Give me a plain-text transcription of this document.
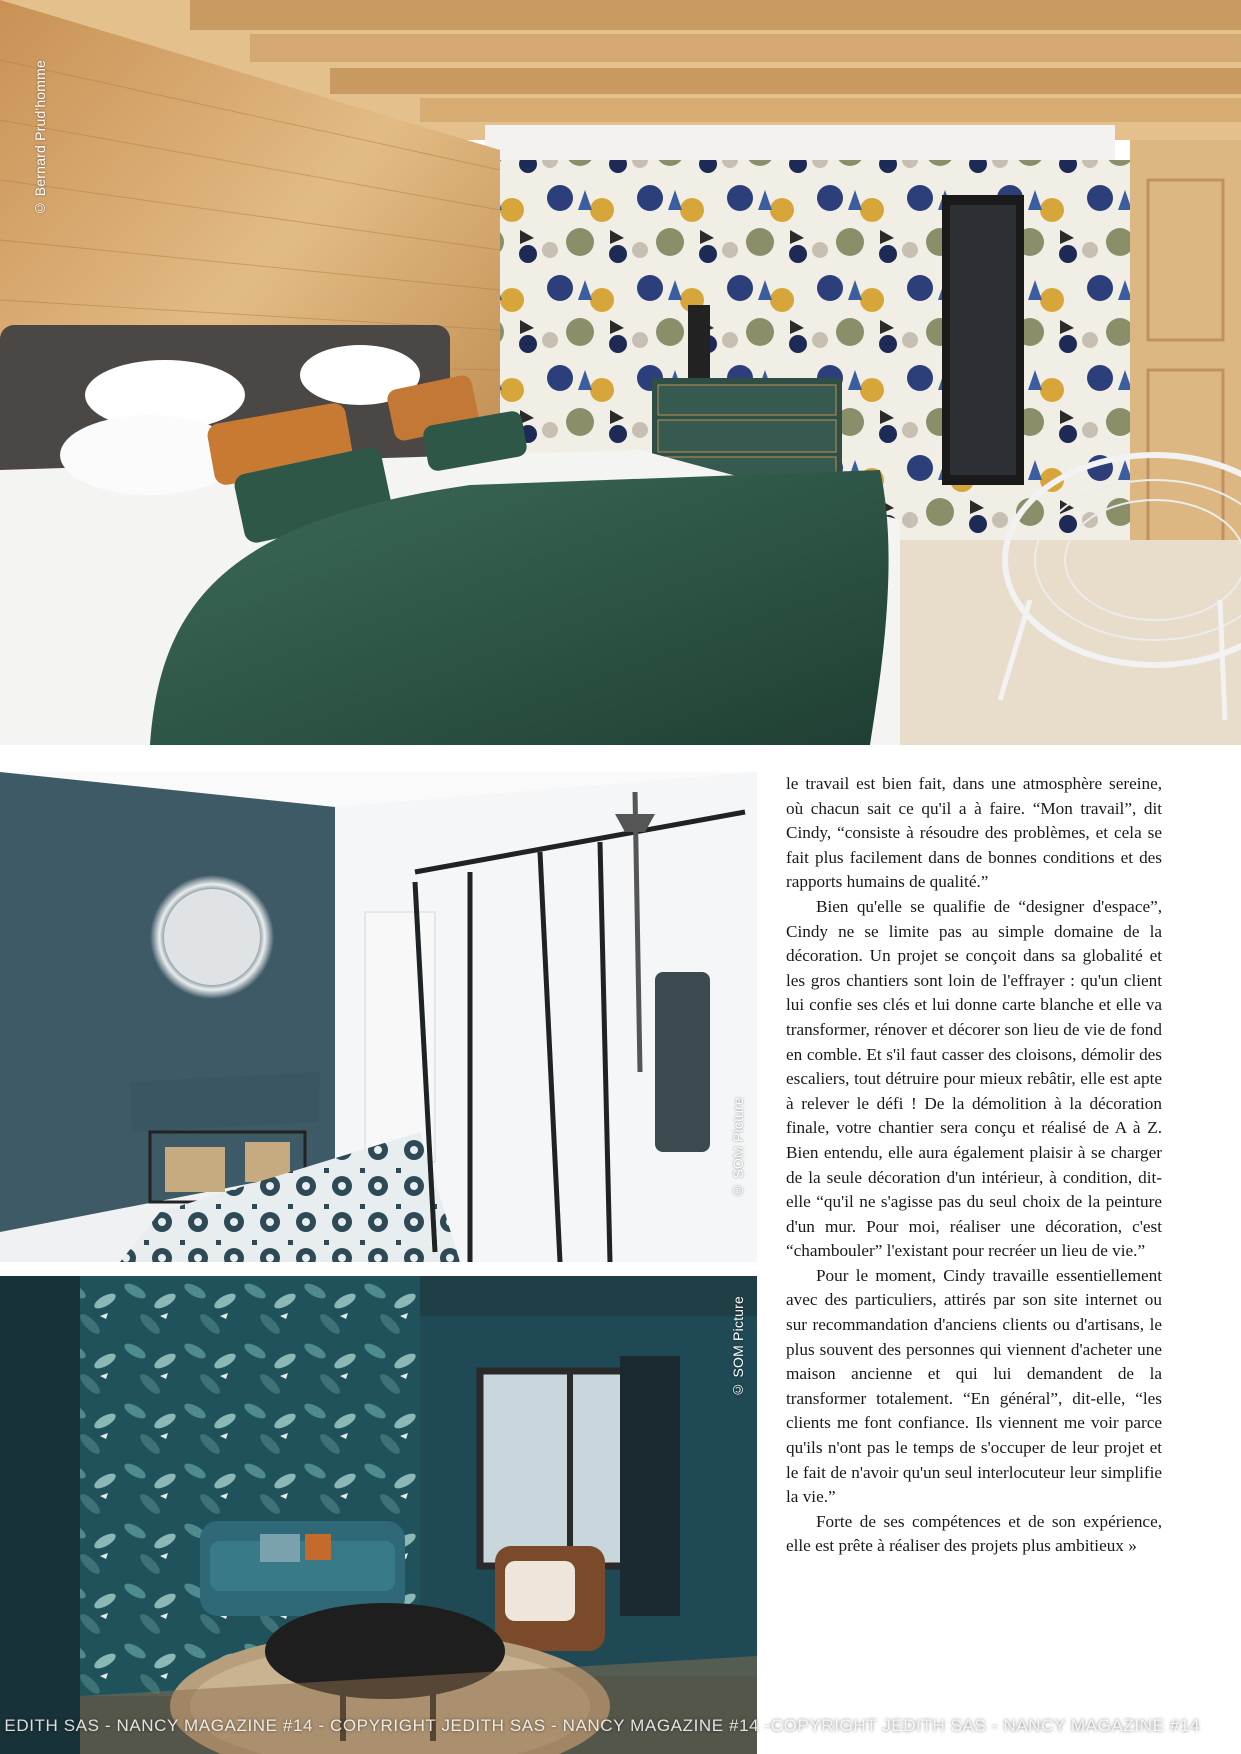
© Bernard Prud'homme
© SOM Picture
© SOM Picture

le travail est bien fait, dans une atmosphère sereine, où chacun sait ce qu'il a à faire. “Mon travail”, dit Cindy, “consiste à résoudre des problèmes, et cela se fait plus facilement dans de bonnes conditions et des rapports humains de qualité.”

Bien qu'elle se qualifie de “designer d'espace”, Cindy ne se limite pas au simple domaine de la décoration. Un projet se conçoit dans sa globalité et les gros chantiers sont loin de l'effrayer : qu'un client lui confie ses clés et lui donne carte blanche et elle va transformer, rénover et décorer son lieu de vie de fond en comble. Et s'il faut casser des cloisons, démolir des escaliers, tout détruire pour mieux rebâtir, elle est apte à relever le défi ! De la démolition à la décoration finale, votre chantier sera conçu et réalisé de A à Z. Bien entendu, elle aura également plaisir à se charger de la seule décoration d'un intérieur, à condition, dit-elle “qu'il ne s'agisse pas du seul choix de la peinture d'un mur. Pour moi, réaliser une décoration, c'est “chambouler” l'existant pour recréer un lieu de vie.”

Pour le moment, Cindy travaille essentiellement avec des particuliers, attirés par son site internet ou sur recommandation d'anciens clients ou d'artisans, le plus souvent des personnes qui viennent d'acheter une maison ancienne et qui lui demandent de la transformer totalement. “En général”, dit-elle, “les clients me font confiance. Ils viennent me voir parce qu'ils n'ont pas le temps de s'occuper de leur projet et le fait de n'avoir qu'un seul interlocuteur leur simplifie la vie.”

Forte de ses compétences et de son expérience, elle est prête à réaliser des projets plus ambitieux »

EDITH SAS - NANCY MAGAZINE #14 - COPYRIGHT JEDITH SAS - NANCY MAGAZINE #14 -COPYRIGHT JEDITH SAS - NANCY MAGAZINE #14
